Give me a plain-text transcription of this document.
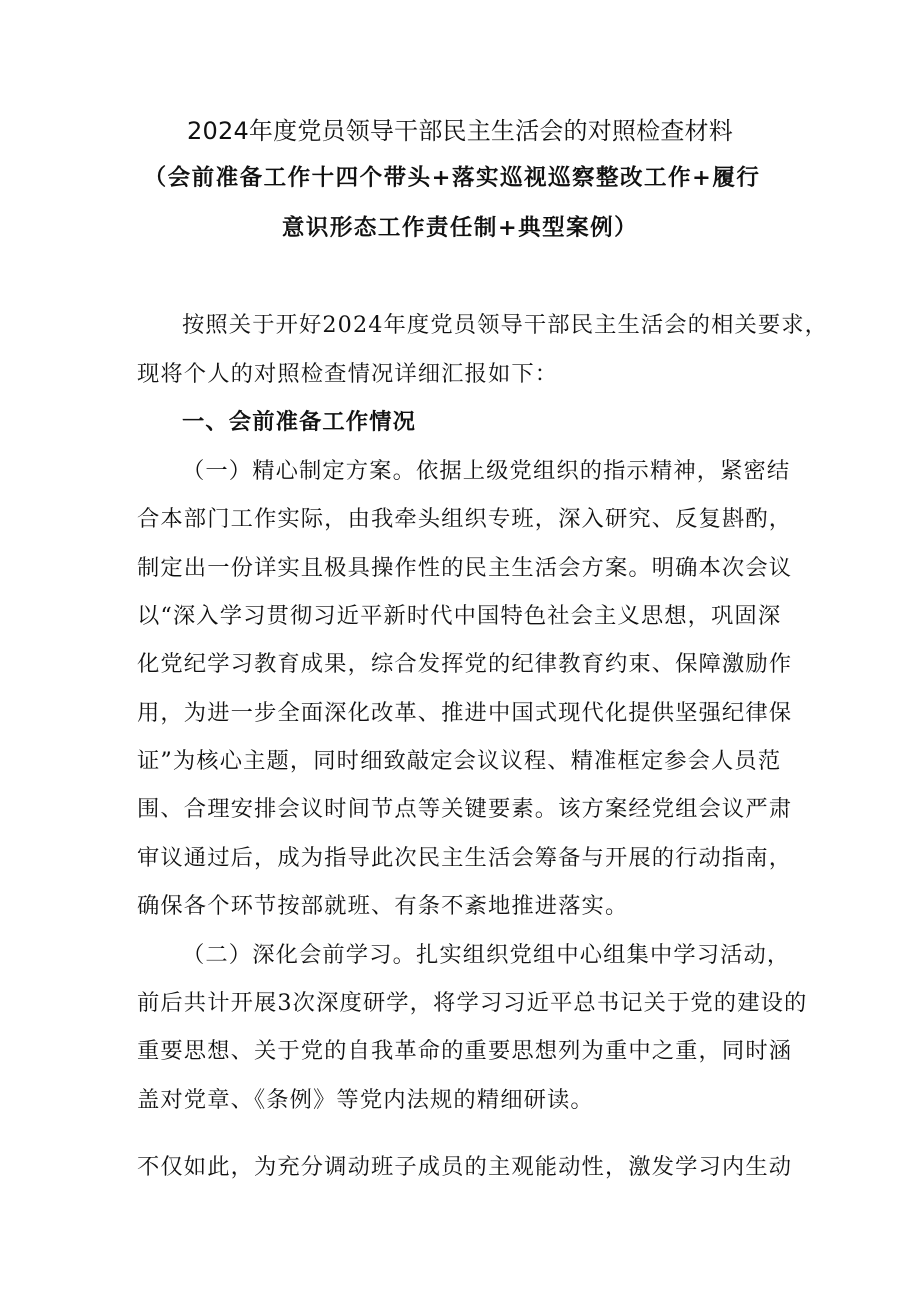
2024年度党员领导干部民主生活会的对照检查材料
（会前准备工作十四个带头+落实巡视巡察整改工作+履行
意识形态工作责任制+典型案例）
按照关于开好2024年度党员领导干部民主生活会的相关要求，
现将个人的对照检查情况详细汇报如下：
一、会前准备工作情况
（一）精心制定方案。依据上级党组织的指示精神，紧密结
合本部门工作实际，由我牵头组织专班，深入研究、反复斟酌，
制定出一份详实且极具操作性的民主生活会方案。明确本次会议
以“深入学习贯彻习近平新时代中国特色社会主义思想，巩固深
化党纪学习教育成果，综合发挥党的纪律教育约束、保障激励作
用，为进一步全面深化改革、推进中国式现代化提供坚强纪律保
证”为核心主题，同时细致敲定会议议程、精准框定参会人员范
围、合理安排会议时间节点等关键要素。该方案经党组会议严肃
审议通过后，成为指导此次民主生活会筹备与开展的行动指南，
确保各个环节按部就班、有条不紊地推进落实。
（二）深化会前学习。扎实组织党组中心组集中学习活动，
前后共计开展3次深度研学，将学习习近平总书记关于党的建设的
重要思想、关于党的自我革命的重要思想列为重中之重，同时涵
盖对党章、《条例》等党内法规的精细研读。
不仅如此，为充分调动班子成员的主观能动性，激发学习内生动
